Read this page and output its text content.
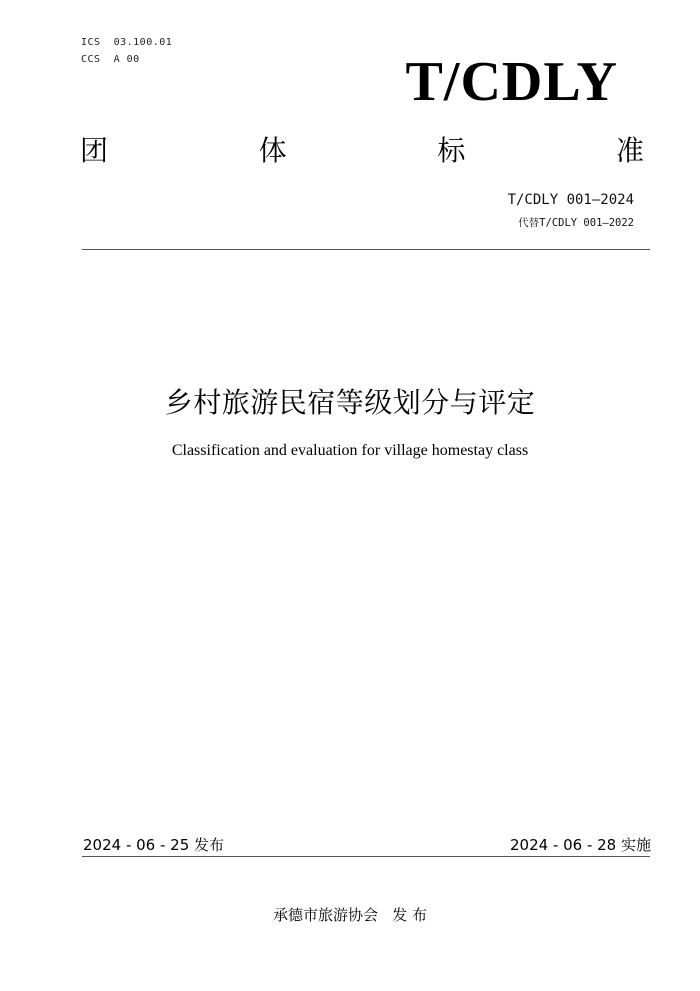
ICS  03.100.01
CCS  A 00	T/CDLY
团	体	标	准
T/CDLY 001—2024
代替T/CDLY 001—2022
乡村旅游民宿等级划分与评定
Classification and evaluation for village homestay class
2024 - 06 - 25 发布	2024 - 06 - 28 实施
承德市旅游协会   发 布
